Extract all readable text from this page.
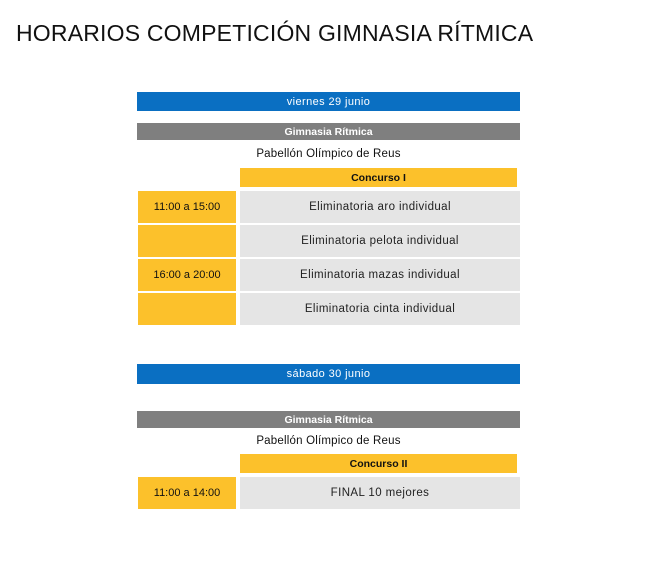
HORARIOS COMPETICIÓN GIMNASIA RÍTMICA
viernes 29 junio
Gimnasia Rítmica
Pabellón Olímpico de Reus
Concurso I
11:00 a 15:00	Eliminatoria aro individual
Eliminatoria pelota individual
16:00 a 20:00	Eliminatoria mazas individual
Eliminatoria cinta individual
sábado 30 junio
Gimnasia Rítmica
Pabellón Olímpico de Reus
Concurso II
11:00 a 14:00	FINAL 10 mejores
